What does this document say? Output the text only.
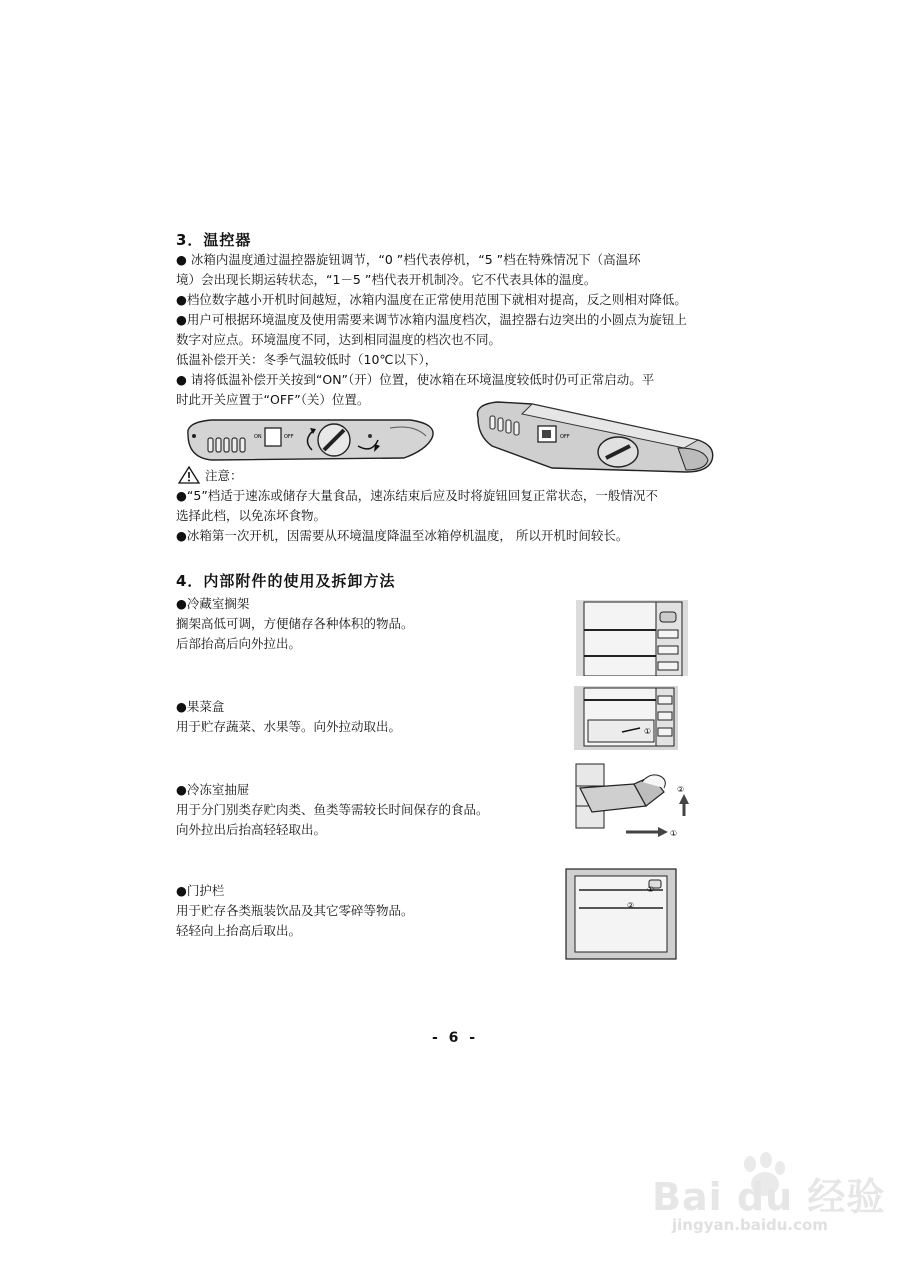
3．温控器
● 冰箱内温度通过温控器旋钮调节，“0 ”档代表停机，“5 ”档在特殊情况下（高温环
境）会出现长期运转状态，“1－5 ”档代表开机制冷。它不代表具体的温度。
●档位数字越小开机时间越短，冰箱内温度在正常使用范围下就相对提高，反之则相对降低。
●用户可根据环境温度及使用需要来调节冰箱内温度档次，温控器右边突出的小圆点为旋钮上
数字对应点。环境温度不同，达到相同温度的档次也不同。
低温补偿开关：冬季气温较低时（10℃以下），
● 请将低温补偿开关按到“ON”（开）位置，使冰箱在环境温度较低时仍可正常启动。平
时此开关应置于“OFF”（关）位置。
ON	OFF	OFF
注意：
●“5”档适于速冻或储存大量食品，速冻结束后应及时将旋钮回复正常状态，一般情况不
选择此档，以免冻坏食物。
●冰箱第一次开机，因需要从环境温度降温至冰箱停机温度， 所以开机时间较长。
4．内部附件的使用及拆卸方法
●冷藏室搁架
搁架高低可调，方便储存各种体积的物品。
后部抬高后向外拉出。
●果菜盒
用于贮存蔬菜、水果等。向外拉动取出。
●冷冻室抽屉
用于分门别类存贮肉类、鱼类等需较长时间保存的食品。
向外拉出后抬高轻轻取出。
●门护栏
用于贮存各类瓶装饮品及其它零碎等物品。
轻轻向上抬高后取出。
①
①
②
①
②
- 6 -
Bai du 经验
jingyan.baidu.com
